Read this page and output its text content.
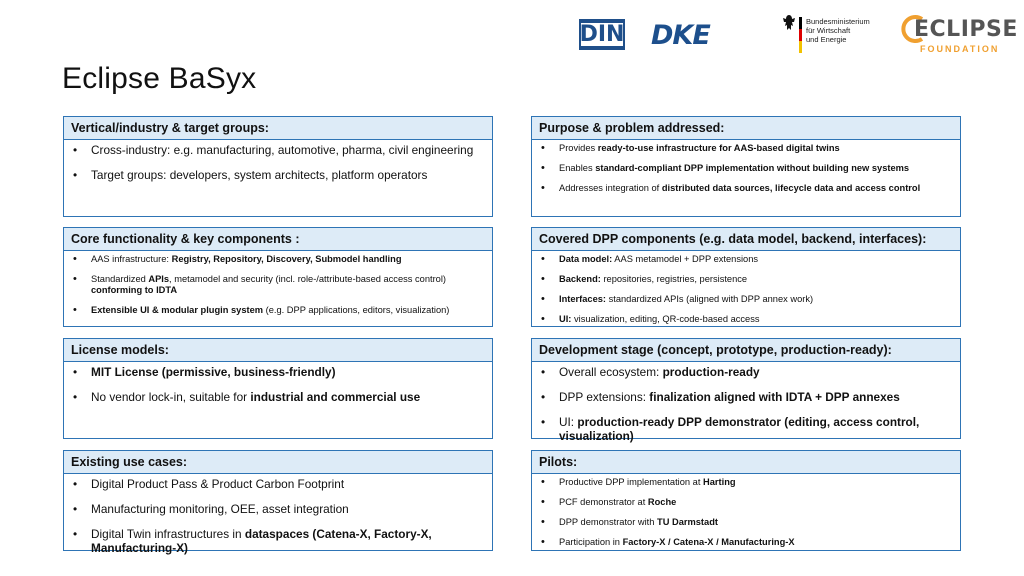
DIN DKE	Bundesministerium
für Wirtschaft
und Energie	ECLIPSE
FOUNDATION
Eclipse BaSyx
Vertical/industry & target groups:
• Cross-industry: e.g. manufacturing, automotive, pharma, civil engineering
• Target groups: developers, system architects, platform operators
Purpose & problem addressed:
• Provides ready-to-use infrastructure for AAS-based digital twins
• Enables standard-compliant DPP implementation without building new systems
• Addresses integration of distributed data sources, lifecycle data and access control
Core functionality & key components :
• AAS infrastructure: Registry, Repository, Discovery, Submodel handling
• Standardized APIs, metamodel and security (incl. role-/attribute-based access control) conforming to IDTA
• Extensible UI & modular plugin system (e.g. DPP applications, editors, visualization)
Covered DPP components (e.g. data model, backend, interfaces):
• Data model: AAS metamodel + DPP extensions
• Backend: repositories, registries, persistence
• Interfaces: standardized APIs (aligned with DPP annex work)
• UI: visualization, editing, QR-code-based access
License models:
• MIT License (permissive, business-friendly)
• No vendor lock-in, suitable for industrial and commercial use
Development stage (concept, prototype, production-ready):
• Overall ecosystem: production-ready
• DPP extensions: finalization aligned with IDTA + DPP annexes
• UI: production-ready DPP demonstrator (editing, access control, visualization)
Existing use cases:
• Digital Product Pass & Product Carbon Footprint
• Manufacturing monitoring, OEE, asset integration
• Digital Twin infrastructures in dataspaces (Catena-X, Factory-X, Manufacturing-X)
Pilots:
• Productive DPP implementation at Harting
• PCF demonstrator at Roche
• DPP demonstrator with TU Darmstadt
• Participation in Factory-X / Catena-X / Manufacturing-X
